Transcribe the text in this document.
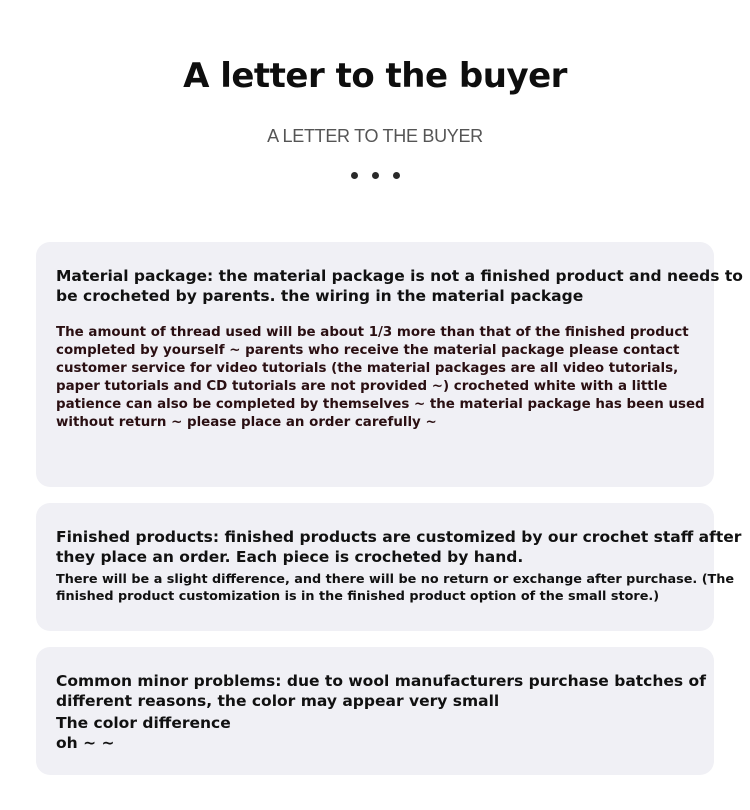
A letter to the buyer
A LETTER TO THE BUYER

Material package: the material package is not a finished product and needs to
be crocheted by parents. the wiring in the material package

The amount of thread used will be about 1/3 more than that of the finished product
completed by yourself ~ parents who receive the material package please contact
customer service for video tutorials (the material packages are all video tutorials,
paper tutorials and CD tutorials are not provided ~) crocheted white with a little
patience can also be completed by themselves ~ the material package has been used
without return ~ please place an order carefully ~

Finished products: finished products are customized by our crochet staff after
they place an order. Each piece is crocheted by hand.

There will be a slight difference, and there will be no return or exchange after purchase. (The
finished product customization is in the finished product option of the small store.)

Common minor problems: due to wool manufacturers purchase batches of
different reasons, the color may appear very small

The color difference
oh ~ ~
